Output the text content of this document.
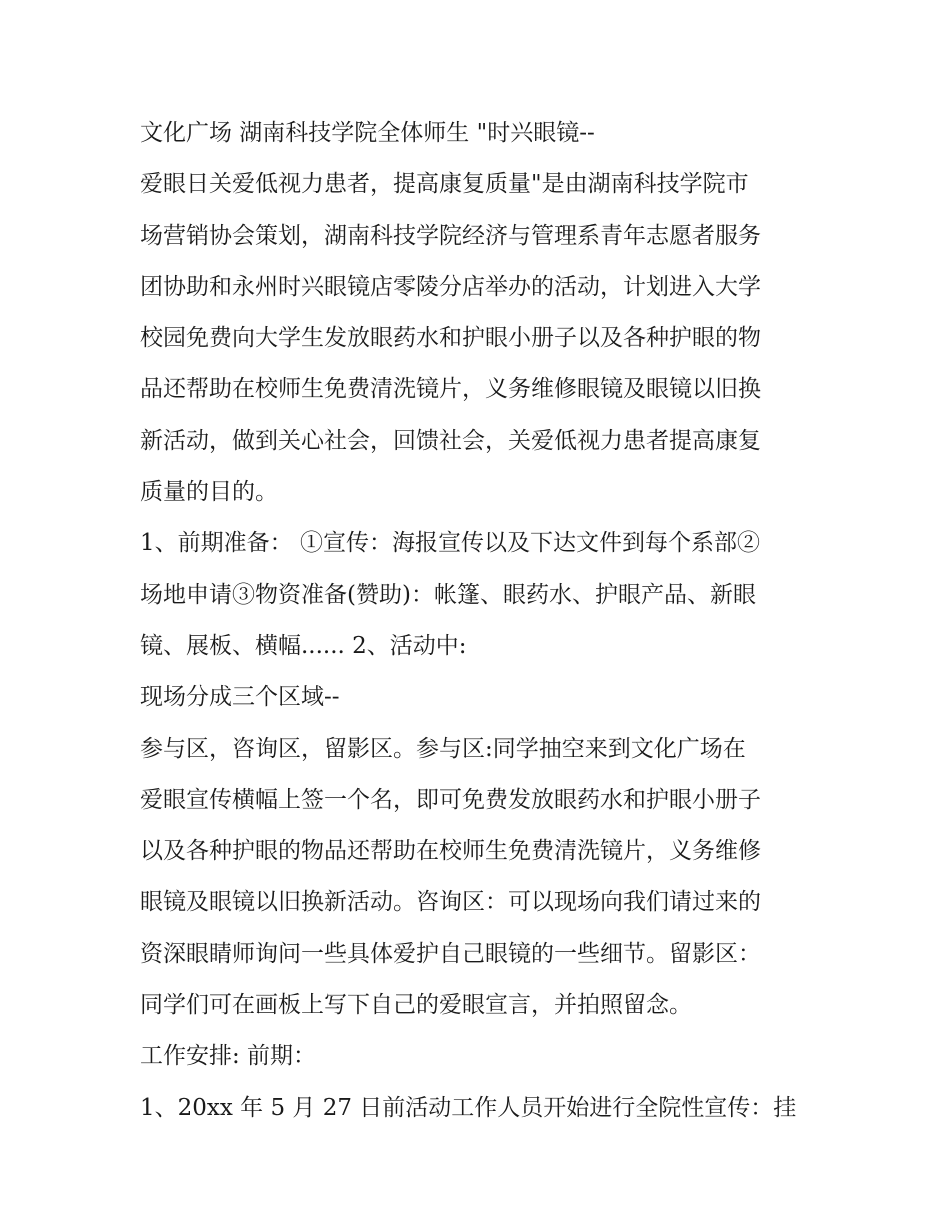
文化广场 湖南科技学院全体师生 "时兴眼镜--
爱眼日关爱低视力患者，提高康复质量"是由湖南科技学院市
场营销协会策划，湖南科技学院经济与管理系青年志愿者服务
团协助和永州时兴眼镜店零陵分店举办的活动，计划进入大学
校园免费向大学生发放眼药水和护眼小册子以及各种护眼的物
品还帮助在校师生免费清洗镜片，义务维修眼镜及眼镜以旧换
新活动，做到关心社会，回馈社会，关爱低视力患者提高康复
质量的目的。
1、前期准备： ①宣传：海报宣传以及下达文件到每个系部②
场地申请③物资准备(赞助)：帐篷、眼药水、护眼产品、新眼
镜、展板、横幅...... 2、活动中:
现场分成三个区域--
参与区，咨询区，留影区。参与区:同学抽空来到文化广场在
爱眼宣传横幅上签一个名，即可免费发放眼药水和护眼小册子
以及各种护眼的物品还帮助在校师生免费清洗镜片，义务维修
眼镜及眼镜以旧换新活动。咨询区：可以现场向我们请过来的
资深眼睛师询问一些具体爱护自己眼镜的一些细节。留影区：
同学们可在画板上写下自己的爱眼宣言，并拍照留念。
工作安排: 前期：
1、20xx 年 5 月 27 日前活动工作人员开始进行全院性宣传：挂
